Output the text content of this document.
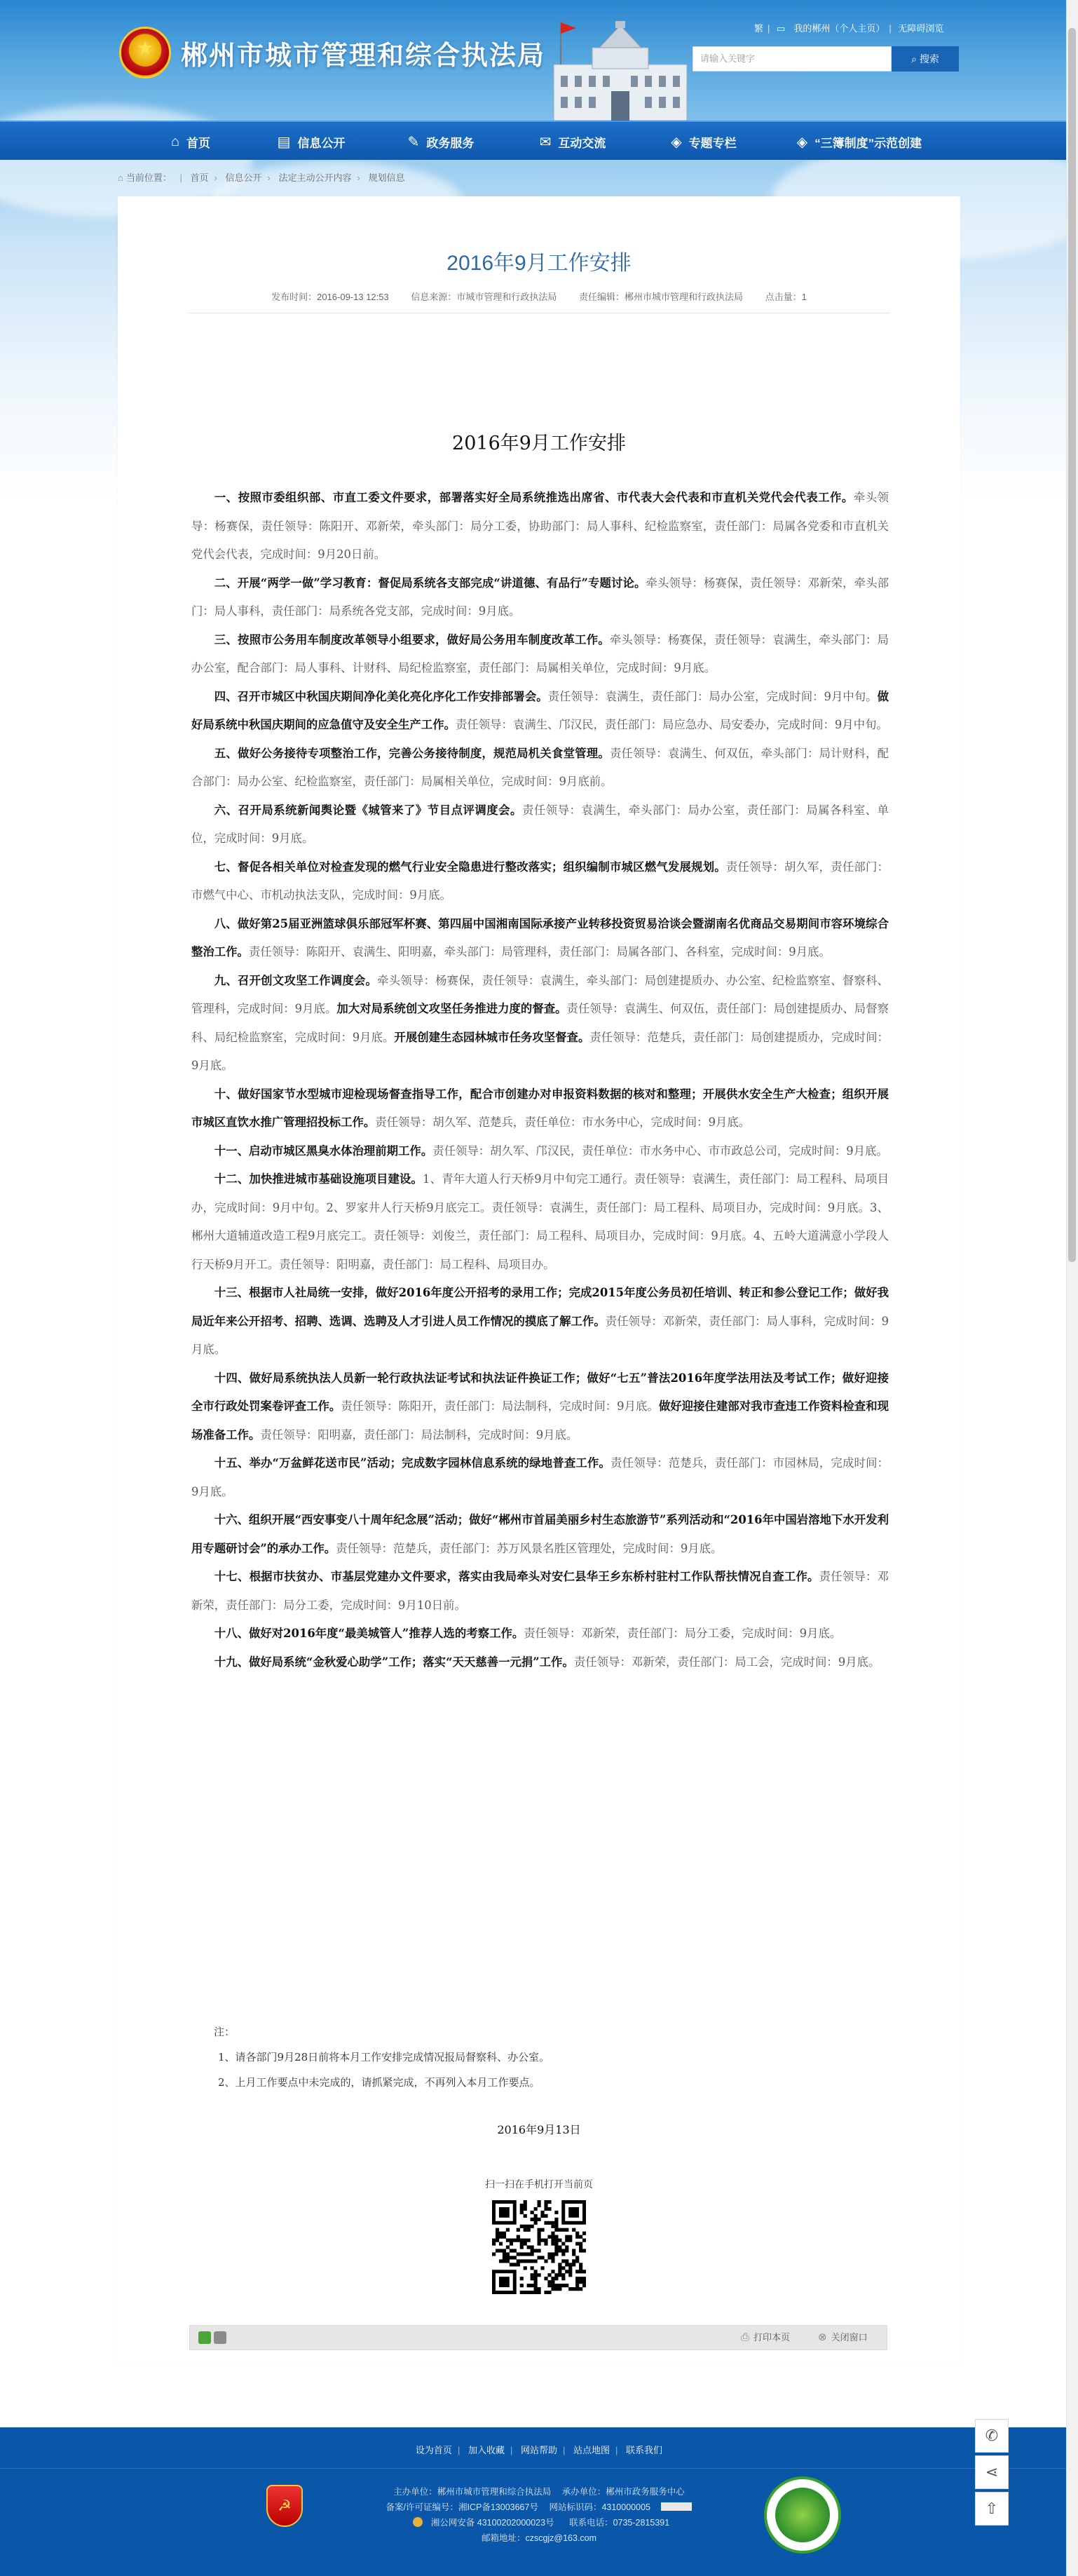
★	郴州市城市管理和综合执法局
繁 | ▭ 我的郴州（个人主页） | 无障碍浏览
请输入关键字	⌕ 搜索
⌂ 首页	▤ 信息公开	✎ 政务服务	✉ 互动交流	◈ 专题专栏	◈ “三簿制度”示范创建
⌂ 当前位置： | 首页 › 信息公开 › 法定主动公开内容 › 规划信息
2016年9月工作安排
发布时间：2016-09-13 12:53 信息来源：市城市管理和行政执法局 责任编辑：郴州市城市管理和行政执法局 点击量：1
2016年9月工作安排

一、按照市委组织部、市直工委文件要求，部署落实好全局系统推选出席省、市代表大会代表和市直机关党代会代表工作。牵头领导：杨赛保，责任领导：陈阳开、邓新荣，牵头部门：局分工委，协助部门：局人事科、纪检监察室，责任部门：局属各党委和市直机关党代会代表，完成时间：9月20日前。

二、开展“两学一做”学习教育：督促局系统各支部完成“讲道德、有品行”专题讨论。牵头领导：杨赛保，责任领导：邓新荣，牵头部门：局人事科，责任部门：局系统各党支部，完成时间：9月底。

三、按照市公务用车制度改革领导小组要求，做好局公务用车制度改革工作。牵头领导：杨赛保，责任领导：袁满生，牵头部门：局办公室，配合部门：局人事科、计财科、局纪检监察室，责任部门：局属相关单位，完成时间：9月底。

四、召开市城区中秋国庆期间净化美化亮化序化工作安排部署会。责任领导：袁满生，责任部门：局办公室，完成时间：9月中旬。做好局系统中秋国庆期间的应急值守及安全生产工作。责任领导：袁满生、邝汉民，责任部门：局应急办、局安委办，完成时间：9月中旬。

五、做好公务接待专项整治工作，完善公务接待制度，规范局机关食堂管理。责任领导：袁满生、何双伍，牵头部门：局计财科，配合部门：局办公室、纪检监察室，责任部门：局属相关单位，完成时间：9月底前。

六、召开局系统新闻舆论暨《城管来了》节目点评调度会。责任领导：袁满生，牵头部门：局办公室，责任部门：局属各科室、单位，完成时间：9月底。

七、督促各相关单位对检查发现的燃气行业安全隐患进行整改落实；组织编制市城区燃气发展规划。责任领导：胡久军，责任部门：市燃气中心、市机动执法支队，完成时间：9月底。

八、做好第25届亚洲篮球俱乐部冠军杯赛、第四届中国湘南国际承接产业转移投资贸易洽谈会暨湖南名优商品交易期间市容环境综合整治工作。责任领导：陈阳开、袁满生、阳明嘉，牵头部门：局管理科，责任部门：局属各部门、各科室，完成时间：9月底。

九、召开创文攻坚工作调度会。牵头领导：杨赛保，责任领导：袁满生，牵头部门：局创建提质办、办公室、纪检监察室、督察科、管理科，完成时间：9月底。加大对局系统创文攻坚任务推进力度的督查。责任领导：袁满生、何双伍，责任部门：局创建提质办、局督察科、局纪检监察室，完成时间：9月底。开展创建生态园林城市任务攻坚督查。责任领导：范楚兵，责任部门：局创建提质办，完成时间：9月底。

十、做好国家节水型城市迎检现场督查指导工作，配合市创建办对申报资料数据的核对和整理；开展供水安全生产大检查；组织开展市城区直饮水推广管理招投标工作。责任领导：胡久军、范楚兵，责任单位：市水务中心，完成时间：9月底。

十一、启动市城区黑臭水体治理前期工作。责任领导：胡久军、邝汉民，责任单位：市水务中心、市市政总公司，完成时间：9月底。

十二、加快推进城市基础设施项目建设。1、青年大道人行天桥9月中旬完工通行。责任领导：袁满生，责任部门：局工程科、局项目办，完成时间：9月中旬。2、罗家井人行天桥9月底完工。责任领导：袁满生，责任部门：局工程科、局项目办，完成时间：9月底。3、郴州大道辅道改造工程9月底完工。责任领导：刘俊兰，责任部门：局工程科、局项目办，完成时间：9月底。4、五岭大道满意小学段人行天桥9月开工。责任领导：阳明嘉，责任部门：局工程科、局项目办。

十三、根据市人社局统一安排，做好2016年度公开招考的录用工作；完成2015年度公务员初任培训、转正和参公登记工作；做好我局近年来公开招考、招聘、选调、选聘及人才引进人员工作情况的摸底了解工作。责任领导：邓新荣，责任部门：局人事科，完成时间：9月底。

十四、做好局系统执法人员新一轮行政执法证考试和执法证件换证工作；做好“七五”普法2016年度学法用法及考试工作；做好迎接全市行政处罚案卷评查工作。责任领导：陈阳开，责任部门：局法制科，完成时间：9月底。做好迎接住建部对我市查违工作资料检查和现场准备工作。责任领导：阳明嘉，责任部门：局法制科，完成时间：9月底。

十五、举办“万盆鲜花送市民”活动；完成数字园林信息系统的绿地普查工作。责任领导：范楚兵，责任部门：市园林局，完成时间：9月底。

十六、组织开展“西安事变八十周年纪念展”活动；做好“郴州市首届美丽乡村生态旅游节”系列活动和“2016年中国岩溶地下水开发利用专题研讨会”的承办工作。责任领导：范楚兵，责任部门：苏万风景名胜区管理处，完成时间：9月底。

十七、根据市扶贫办、市基层党建办文件要求，落实由我局牵头对安仁县华王乡东桥村驻村工作队帮扶情况自查工作。责任领导：邓新荣，责任部门：局分工委，完成时间：9月10日前。

十八、做好对2016年度“最美城管人”推荐人选的考察工作。责任领导：邓新荣，责任部门：局分工委，完成时间：9月底。

十九、做好局系统“金秋爱心助学”工作；落实“天天慈善一元捐”工作。责任领导：邓新荣，责任部门：局工会，完成时间：9月底。

注：
1、请各部门9月28日前将本月工作安排完成情况报局督察科、办公室。
2、上月工作要点中未完成的，请抓紧完成，不再列入本月工作要点。
2016年9月13日
扫一扫在手机打开当前页
⎙ 打印本页	⊗ 关闭窗口
✆
⋖
⇧
设为首页 | 加入收藏 | 网站帮助 | 站点地图 | 联系我们
☭
主办单位：郴州市城市管理和综合执法局 承办单位：郴州市政务服务中心
备案/许可证编号：湘ICP备13003667号 网站标识码：4310000005
湘公网安备 43100202000023号 联系电话：0735-2815391
邮箱地址：czscgjz@163.com
